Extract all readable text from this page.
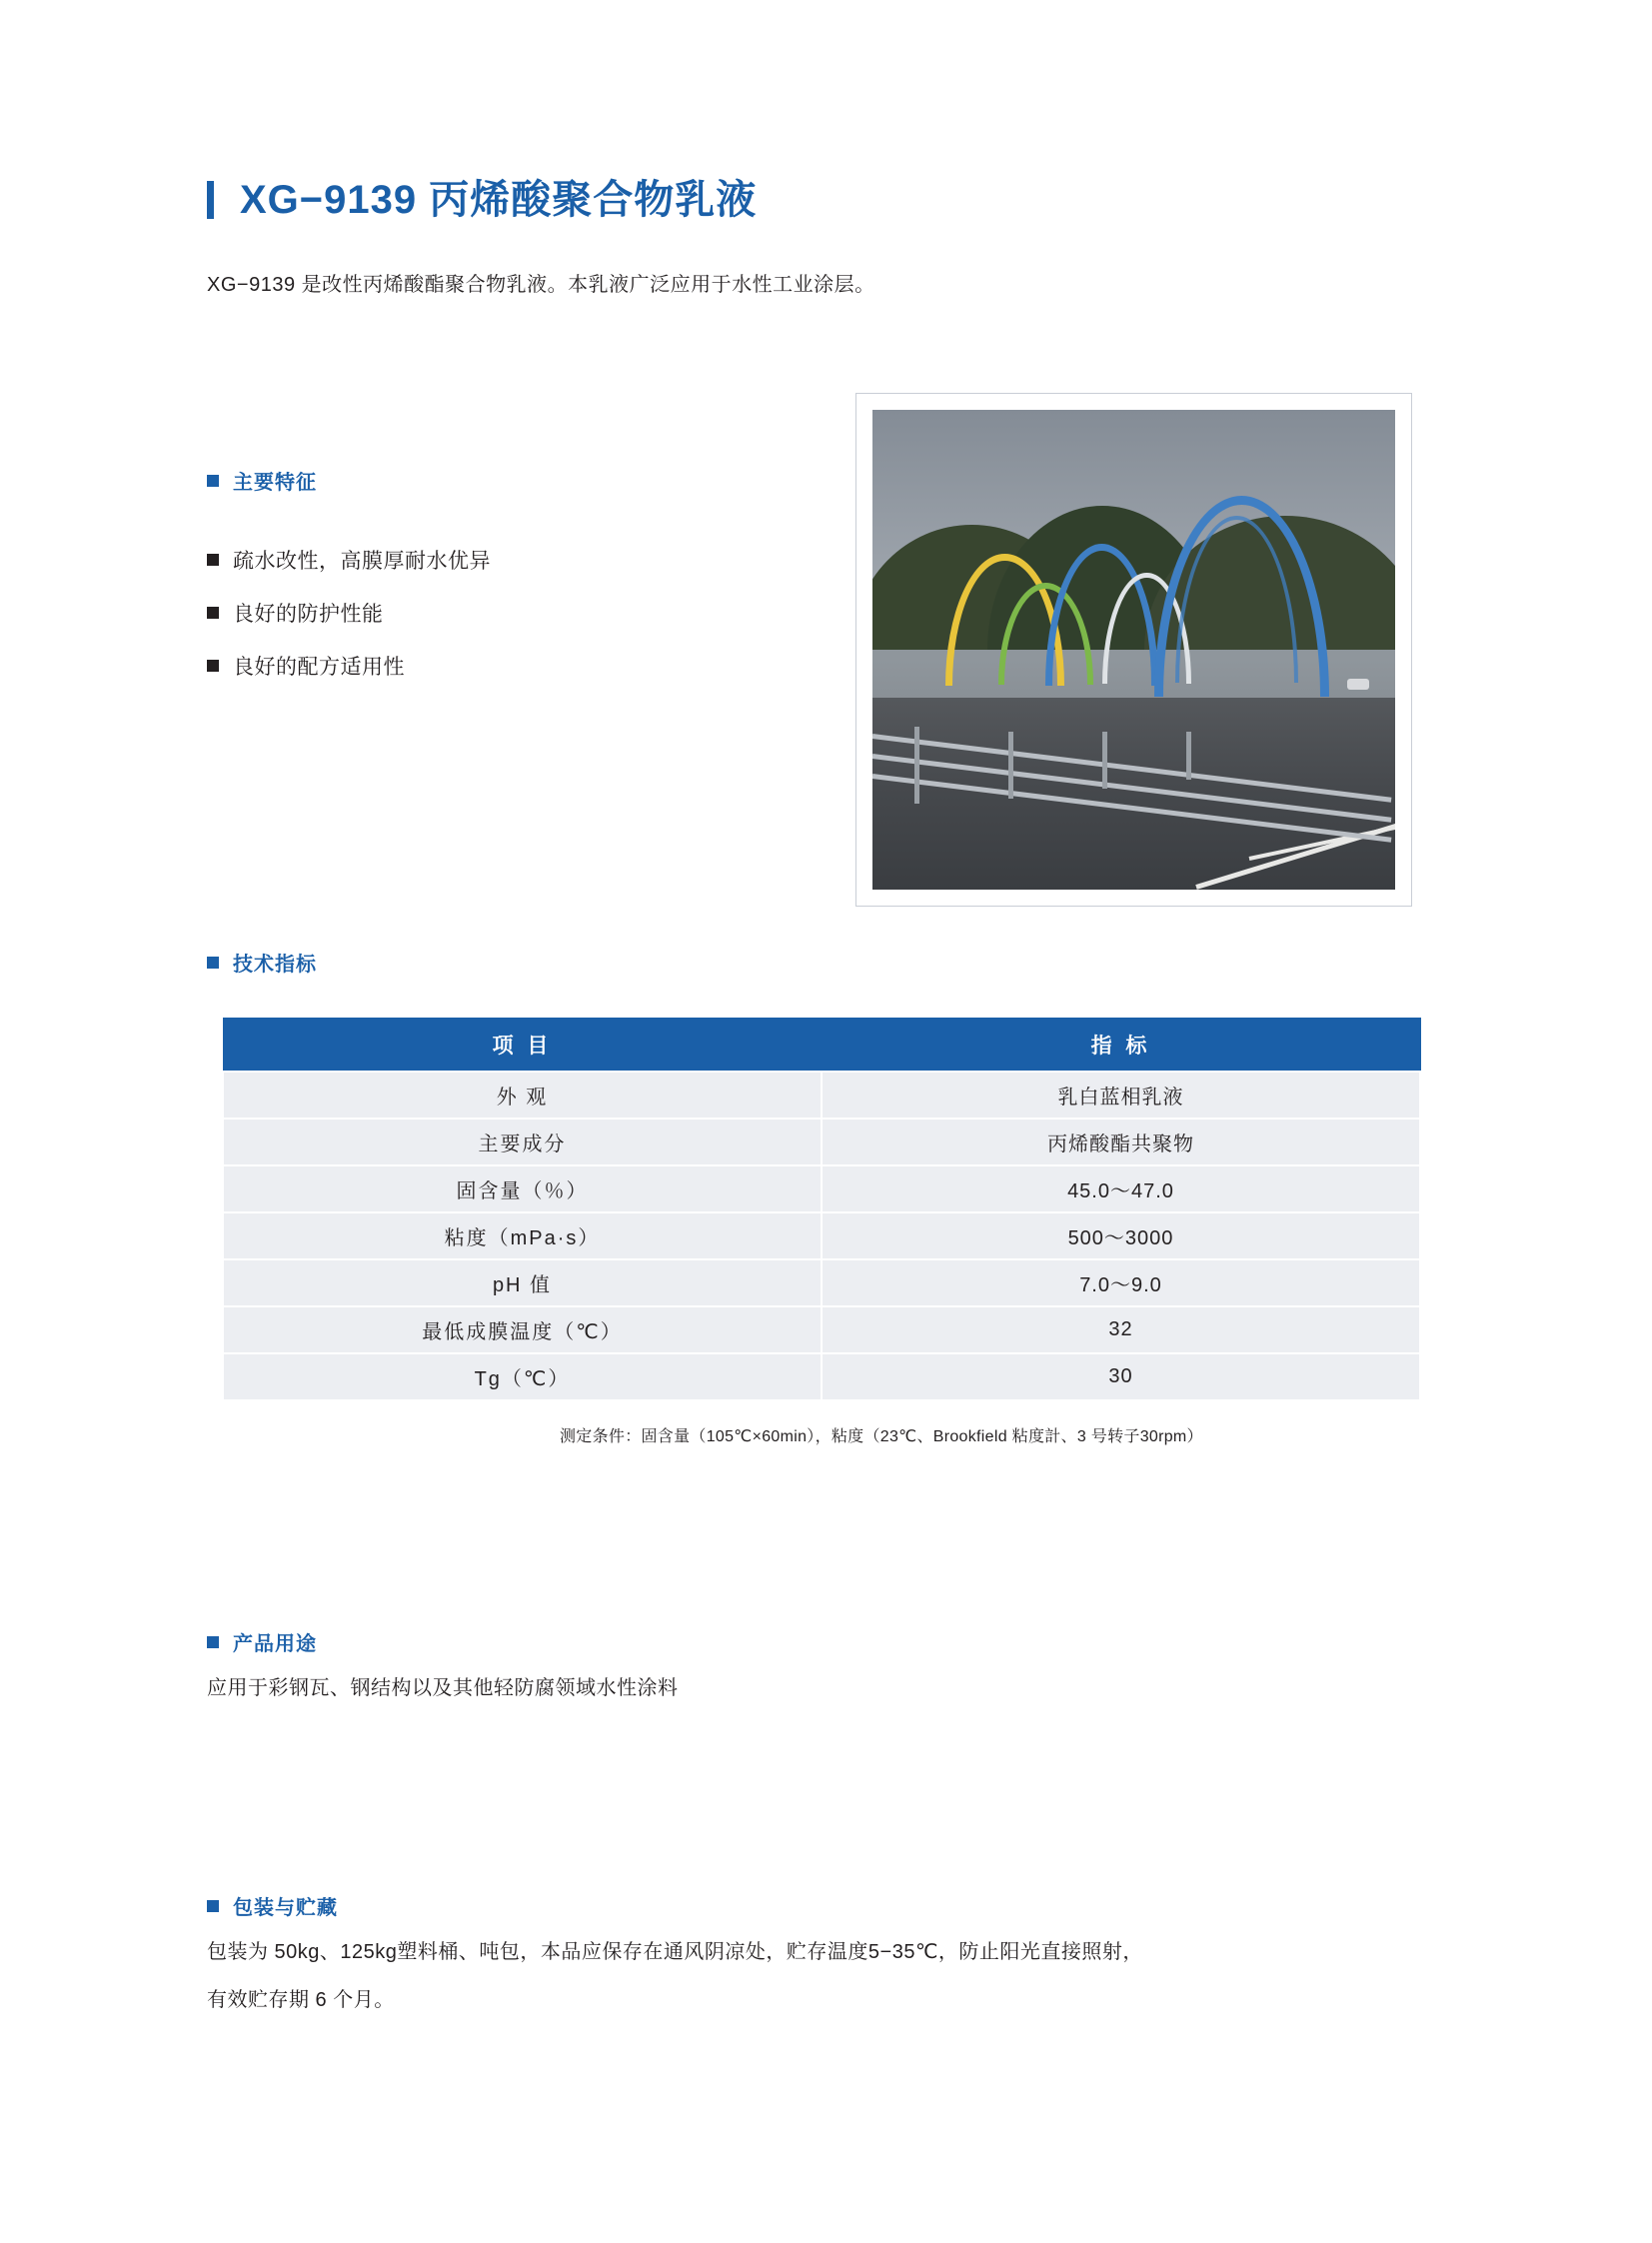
XG−9139 丙烯酸聚合物乳液
XG−9139 是改性丙烯酸酯聚合物乳液。本乳液广泛应用于水性工业涂层。
主要特征
疏水改性，高膜厚耐水优异
良好的防护性能
良好的配方适用性
技术指标
项 目	指 标
外 观	乳白蓝相乳液
主要成分	丙烯酸酯共聚物
固含量（％）	45.0～47.0
粘度（mPa·s）	500～3000
pH 值	7.0～9.0
最低成膜温度（℃）	32
Tg（℃）	30
测定条件：固含量（105℃×60min），粘度（23℃、Brookfield 粘度計、3 号转子30rpm）
产品用途
应用于彩钢瓦、钢结构以及其他轻防腐领域水性涂料
包装与贮藏
包装为 50kg、125kg塑料桶、吨包，本品应保存在通风阴凉处，贮存温度5−35℃，防止阳光直接照射，
有效贮存期 6 个月。
